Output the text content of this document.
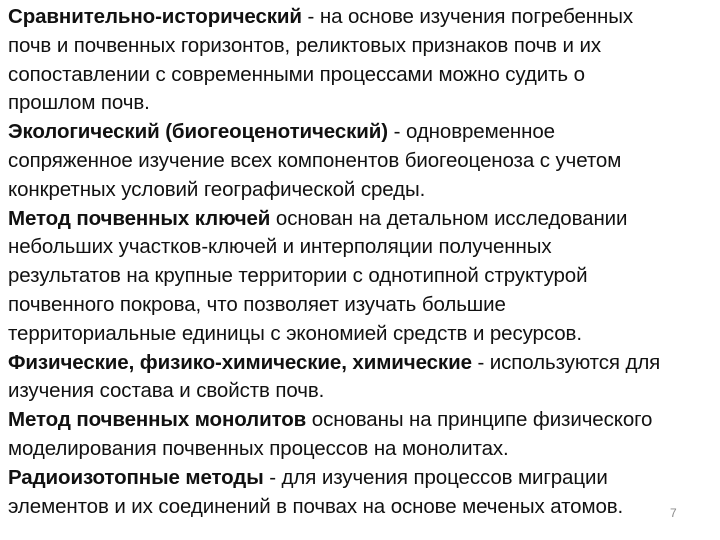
Сравнительно-исторический - на основе изучения погребенных
почв и почвенных горизонтов, реликтовых признаков почв и их
сопоставлении с современными процессами можно судить о
прошлом почв.

Экологический (биогеоценотический) - одновременное
сопряженное изучение всех компонентов биогеоценоза с учетом
конкретных условий географической среды.

Метод почвенных ключей основан на детальном исследовании
небольших участков-ключей и интерполяции полученных
результатов на крупные территории с однотипной структурой
почвенного покрова, что позволяет изучать большие
территориальные единицы с экономией средств и ресурсов.

Физические, физико-химические, химические - используются для
изучения состава и свойств почв.

Метод почвенных монолитов основаны на принципе физического
моделирования почвенных процессов на монолитах.

Радиоизотопные методы - для изучения процессов миграции
элементов и их соединений в почвах на основе меченых атомов.	7
